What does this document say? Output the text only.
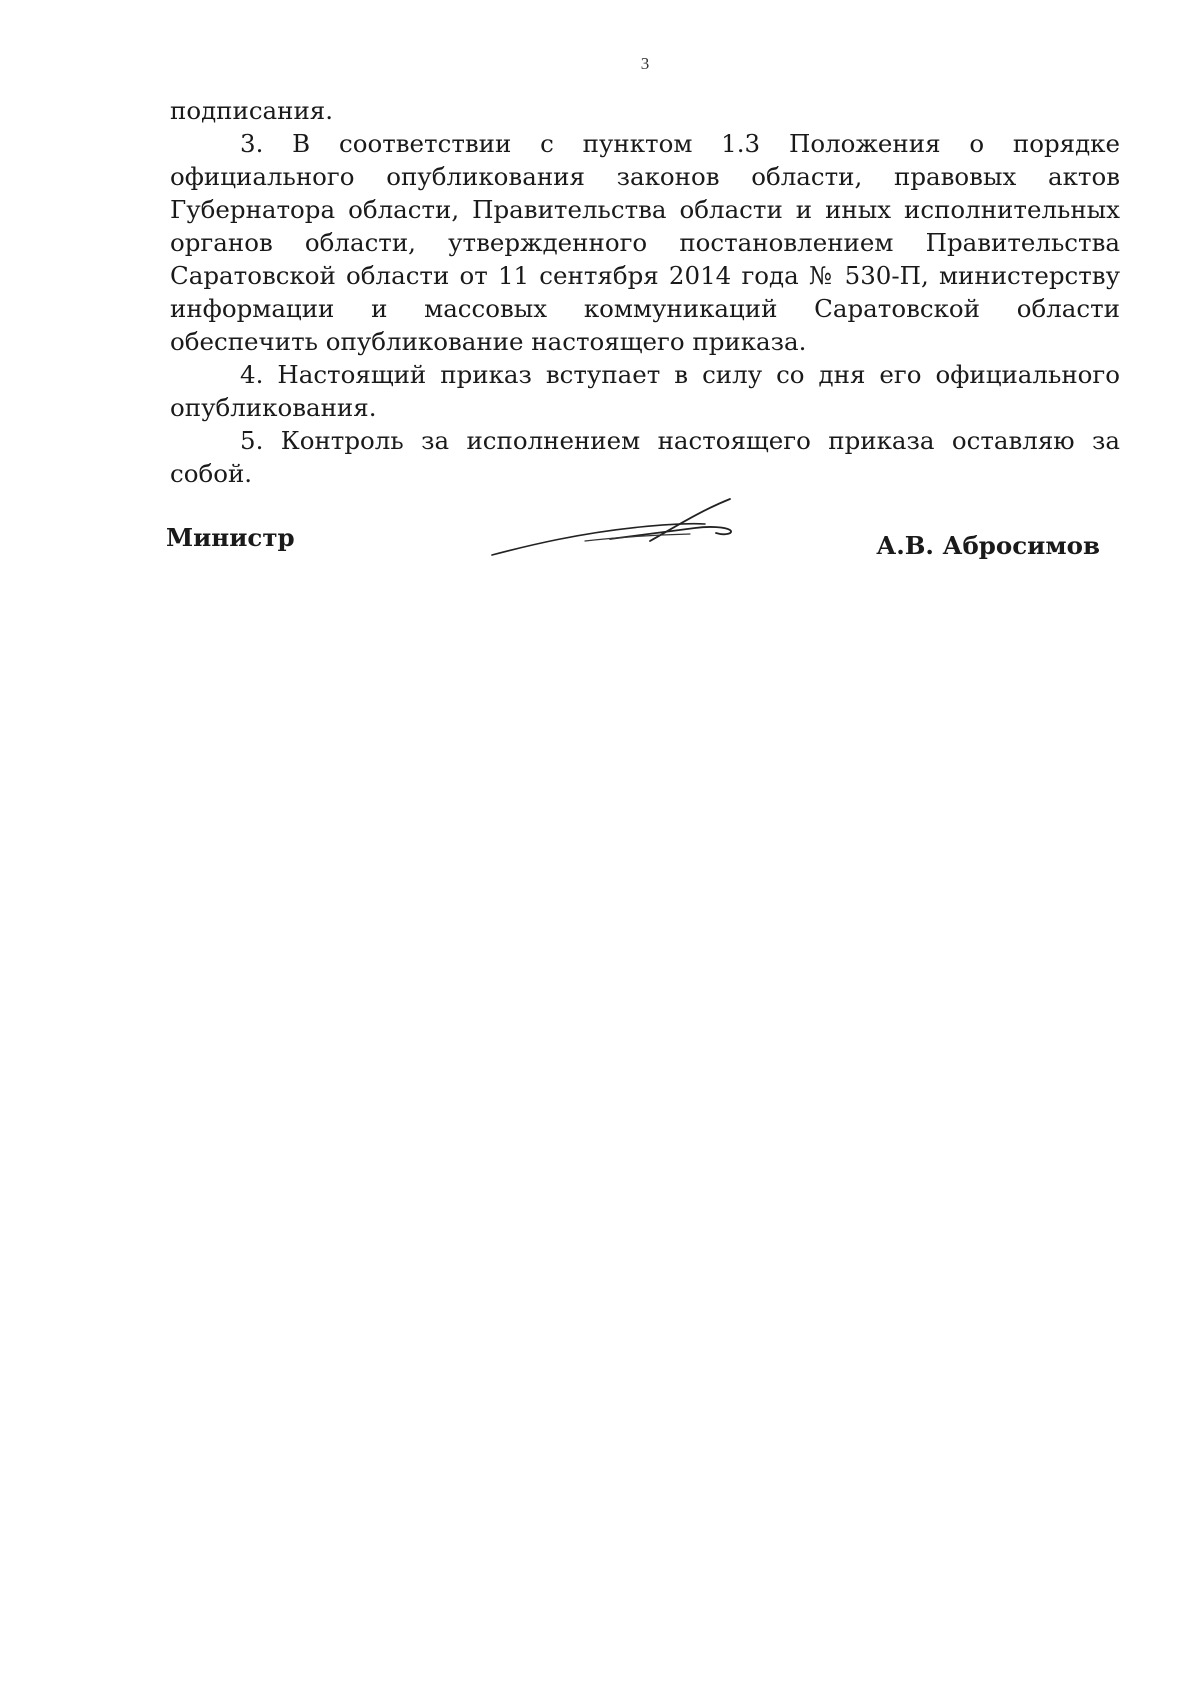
3

подписания.

3. В соответствии с пунктом 1.3 Положения о порядке официального опубликования законов области, правовых актов Губернатора области, Правительства области и иных исполнительных органов области, утвержденного постановлением Правительства Саратовской области от 11 сентября 2014 года № 530-П, министерству информации и массовых коммуникаций Саратовской области обеспечить опубликование настоящего приказа.

4. Настоящий приказ вступает в силу со дня его официального опубликования.

5. Контроль за исполнением настоящего приказа оставляю за собой.

Министр	А.В. Абросимов
